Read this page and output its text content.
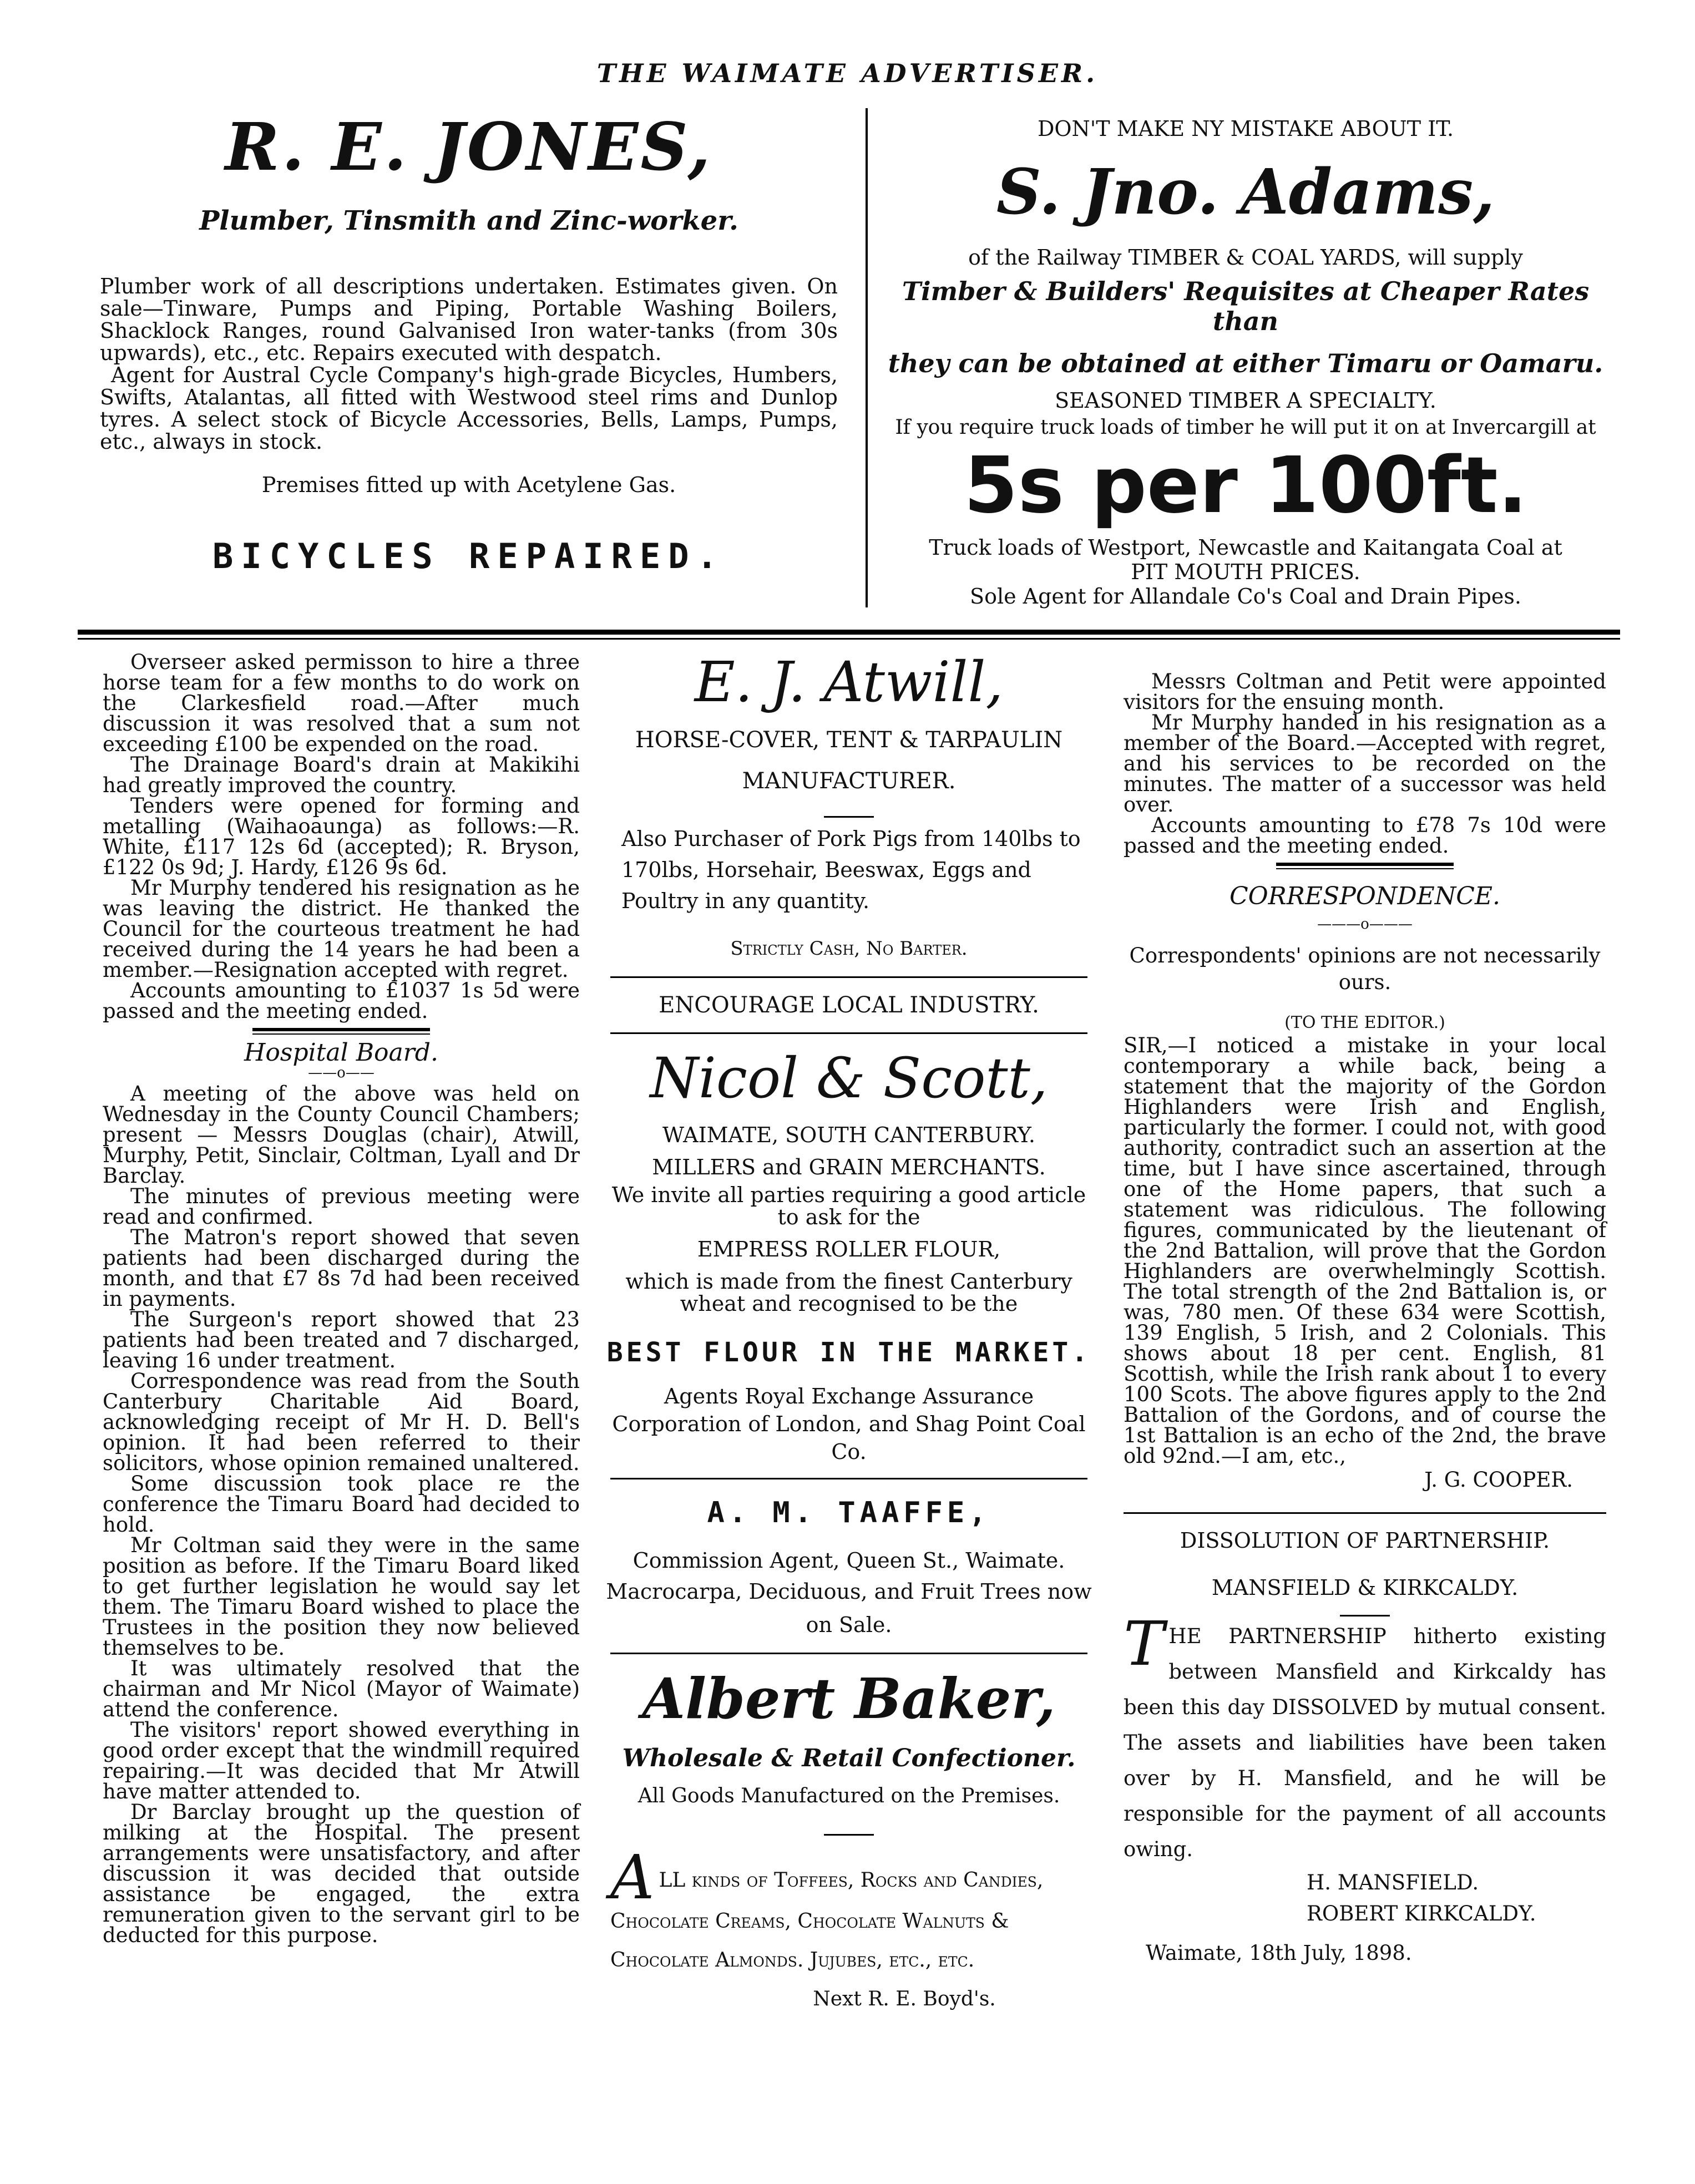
THE WAIMATE ADVERTISER.
R. E. JONES,
Plumber, Tinsmith and Zinc-worker.

Plumber work of all descriptions undertaken. Estimates given. On sale—Tinware, Pumps and Piping, Portable Washing Boilers, Shacklock Ranges, round Galvanised Iron water-tanks (from 30s upwards), etc., etc. Repairs executed with despatch.

Agent for Austral Cycle Company's high-grade Bicycles, Humbers, Swifts, Atalantas, all fitted with Westwood steel rims and Dunlop tyres. A select stock of Bicycle Accessories, Bells, Lamps, Pumps, etc., always in stock.

Premises fitted up with Acetylene Gas.
BICYCLES REPAIRED.
DON'T MAKE NY MISTAKE ABOUT IT.
S. Jno. Adams,
of the Railway TIMBER & COAL YARDS, will supply
Timber & Builders' Requisites at Cheaper Rates than
they can be obtained at either Timaru or Oamaru.
SEASONED TIMBER A SPECIALTY.
If you require truck loads of timber he will put it on at Invercargill at
5s per 100ft.
Truck loads of Westport, Newcastle and Kaitangata Coal at
PIT MOUTH PRICES.
Sole Agent for Allandale Co's Coal and Drain Pipes.

Overseer asked permisson to hire a three horse team for a few months to do work on the Clarkesfield road.—After much discussion it was resolved that a sum not exceeding £100 be expended on the road.

The Drainage Board's drain at Makikihi had greatly improved the country.

Tenders were opened for forming and metalling (Waihaoaunga) as follows:—R. White, £117 12s 6d (accepted); R. Bryson, £122 0s 9d; J. Hardy, £126 9s 6d.

Mr Murphy tendered his resignation as he was leaving the district. He thanked the Council for the courteous treatment he had received during the 14 years he had been a member.—Resignation accepted with regret.

Accounts amounting to £1037 1s 5d were passed and the meeting ended.

Hospital Board.
——o——

A meeting of the above was held on Wednesday in the County Council Chambers; present — Messrs Douglas (chair), Atwill, Murphy, Petit, Sinclair, Coltman, Lyall and Dr Barclay.

The minutes of previous meeting were read and confirmed.

The Matron's report showed that seven patients had been discharged during the month, and that £7 8s 7d had been received in payments.

The Surgeon's report showed that 23 patients had been treated and 7 discharged, leaving 16 under treatment.

Correspondence was read from the South Canterbury Charitable Aid Board, acknowledging receipt of Mr H. D. Bell's opinion. It had been referred to their solicitors, whose opinion remained unaltered.

Some discussion took place re the conference the Timaru Board had decided to hold.

Mr Coltman said they were in the same position as before. If the Timaru Board liked to get further legislation he would say let them. The Timaru Board wished to place the Trustees in the position they now believed themselves to be.

It was ultimately resolved that the chairman and Mr Nicol (Mayor of Waimate) attend the conference.

The visitors' report showed everything in good order except that the windmill required repairing.—It was decided that Mr Atwill have matter attended to.

Dr Barclay brought up the question of milking at the Hospital. The present arrangements were unsatisfactory, and after discussion it was decided that outside assistance be engaged, the extra remuneration given to the servant girl to be deducted for this purpose.

E. J. Atwill,
HORSE-COVER, TENT & TARPAULIN
MANUFACTURER.

Also Purchaser of Pork Pigs from 140lbs to 170lbs, Horsehair, Beeswax, Eggs and Poultry in any quantity.

Strictly Cash, No Barter.
ENCOURAGE LOCAL INDUSTRY.
Nicol & Scott,
WAIMATE, SOUTH CANTERBURY.
MILLERS and GRAIN MERCHANTS.
We invite all parties requiring a good article to ask for the
EMPRESS ROLLER FLOUR,
which is made from the finest Canterbury wheat and recognised to be the
BEST FLOUR IN THE MARKET.
Agents Royal Exchange Assurance Corporation of London, and Shag Point Coal Co.
A. M. TAAFFE,
Commission Agent, Queen St., Waimate.
Macrocarpa, Deciduous, and Fruit Trees now on Sale.
Albert Baker,
Wholesale & Retail Confectioner.
All Goods Manufactured on the Premises.
A LL kinds of Toffees, Rocks and Candies,
Chocolate Creams, Chocolate Walnuts &
Chocolate Almonds. Jujubes, etc., etc.
Next R. E. Boyd's.

Messrs Coltman and Petit were appointed visitors for the ensuing month.

Mr Murphy handed in his resignation as a member of the Board.—Accepted with regret, and his services to be recorded on the minutes. The matter of a successor was held over.

Accounts amounting to £78 7s 10d were passed and the meeting ended.

CORRESPONDENCE.
———o———
Correspondents' opinions are not necessarily ours.
(TO THE EDITOR.)

SIR,—I noticed a mistake in your local contemporary a while back, being a statement that the majority of the Gordon Highlanders were Irish and English, particularly the former. I could not, with good authority, contradict such an assertion at the time, but I have since ascertained, through one of the Home papers, that such a statement was ridiculous. The following figures, communicated by the lieutenant of the 2nd Battalion, will prove that the Gordon Highlanders are overwhelmingly Scottish. The total strength of the 2nd Battalion is, or was, 780 men. Of these 634 were Scottish, 139 English, 5 Irish, and 2 Colonials. This shows about 18 per cent. English, 81 Scottish, while the Irish rank about 1 to every 100 Scots. The above figures apply to the 2nd Battalion of the Gordons, and of course the 1st Battalion is an echo of the 2nd, the brave old 92nd.—I am, etc.,

J. G. COOPER.
DISSOLUTION OF PARTNERSHIP.
MANSFIELD & KIRKCALDY.

THE PARTNERSHIP hitherto existing between Mansfield and Kirkcaldy has been this day DISSOLVED by mutual consent. The assets and liabilities have been taken over by H. Mansfield, and he will be responsible for the payment of all accounts owing.

H. MANSFIELD.
ROBERT KIRKCALDY.
Waimate, 18th July, 1898.
